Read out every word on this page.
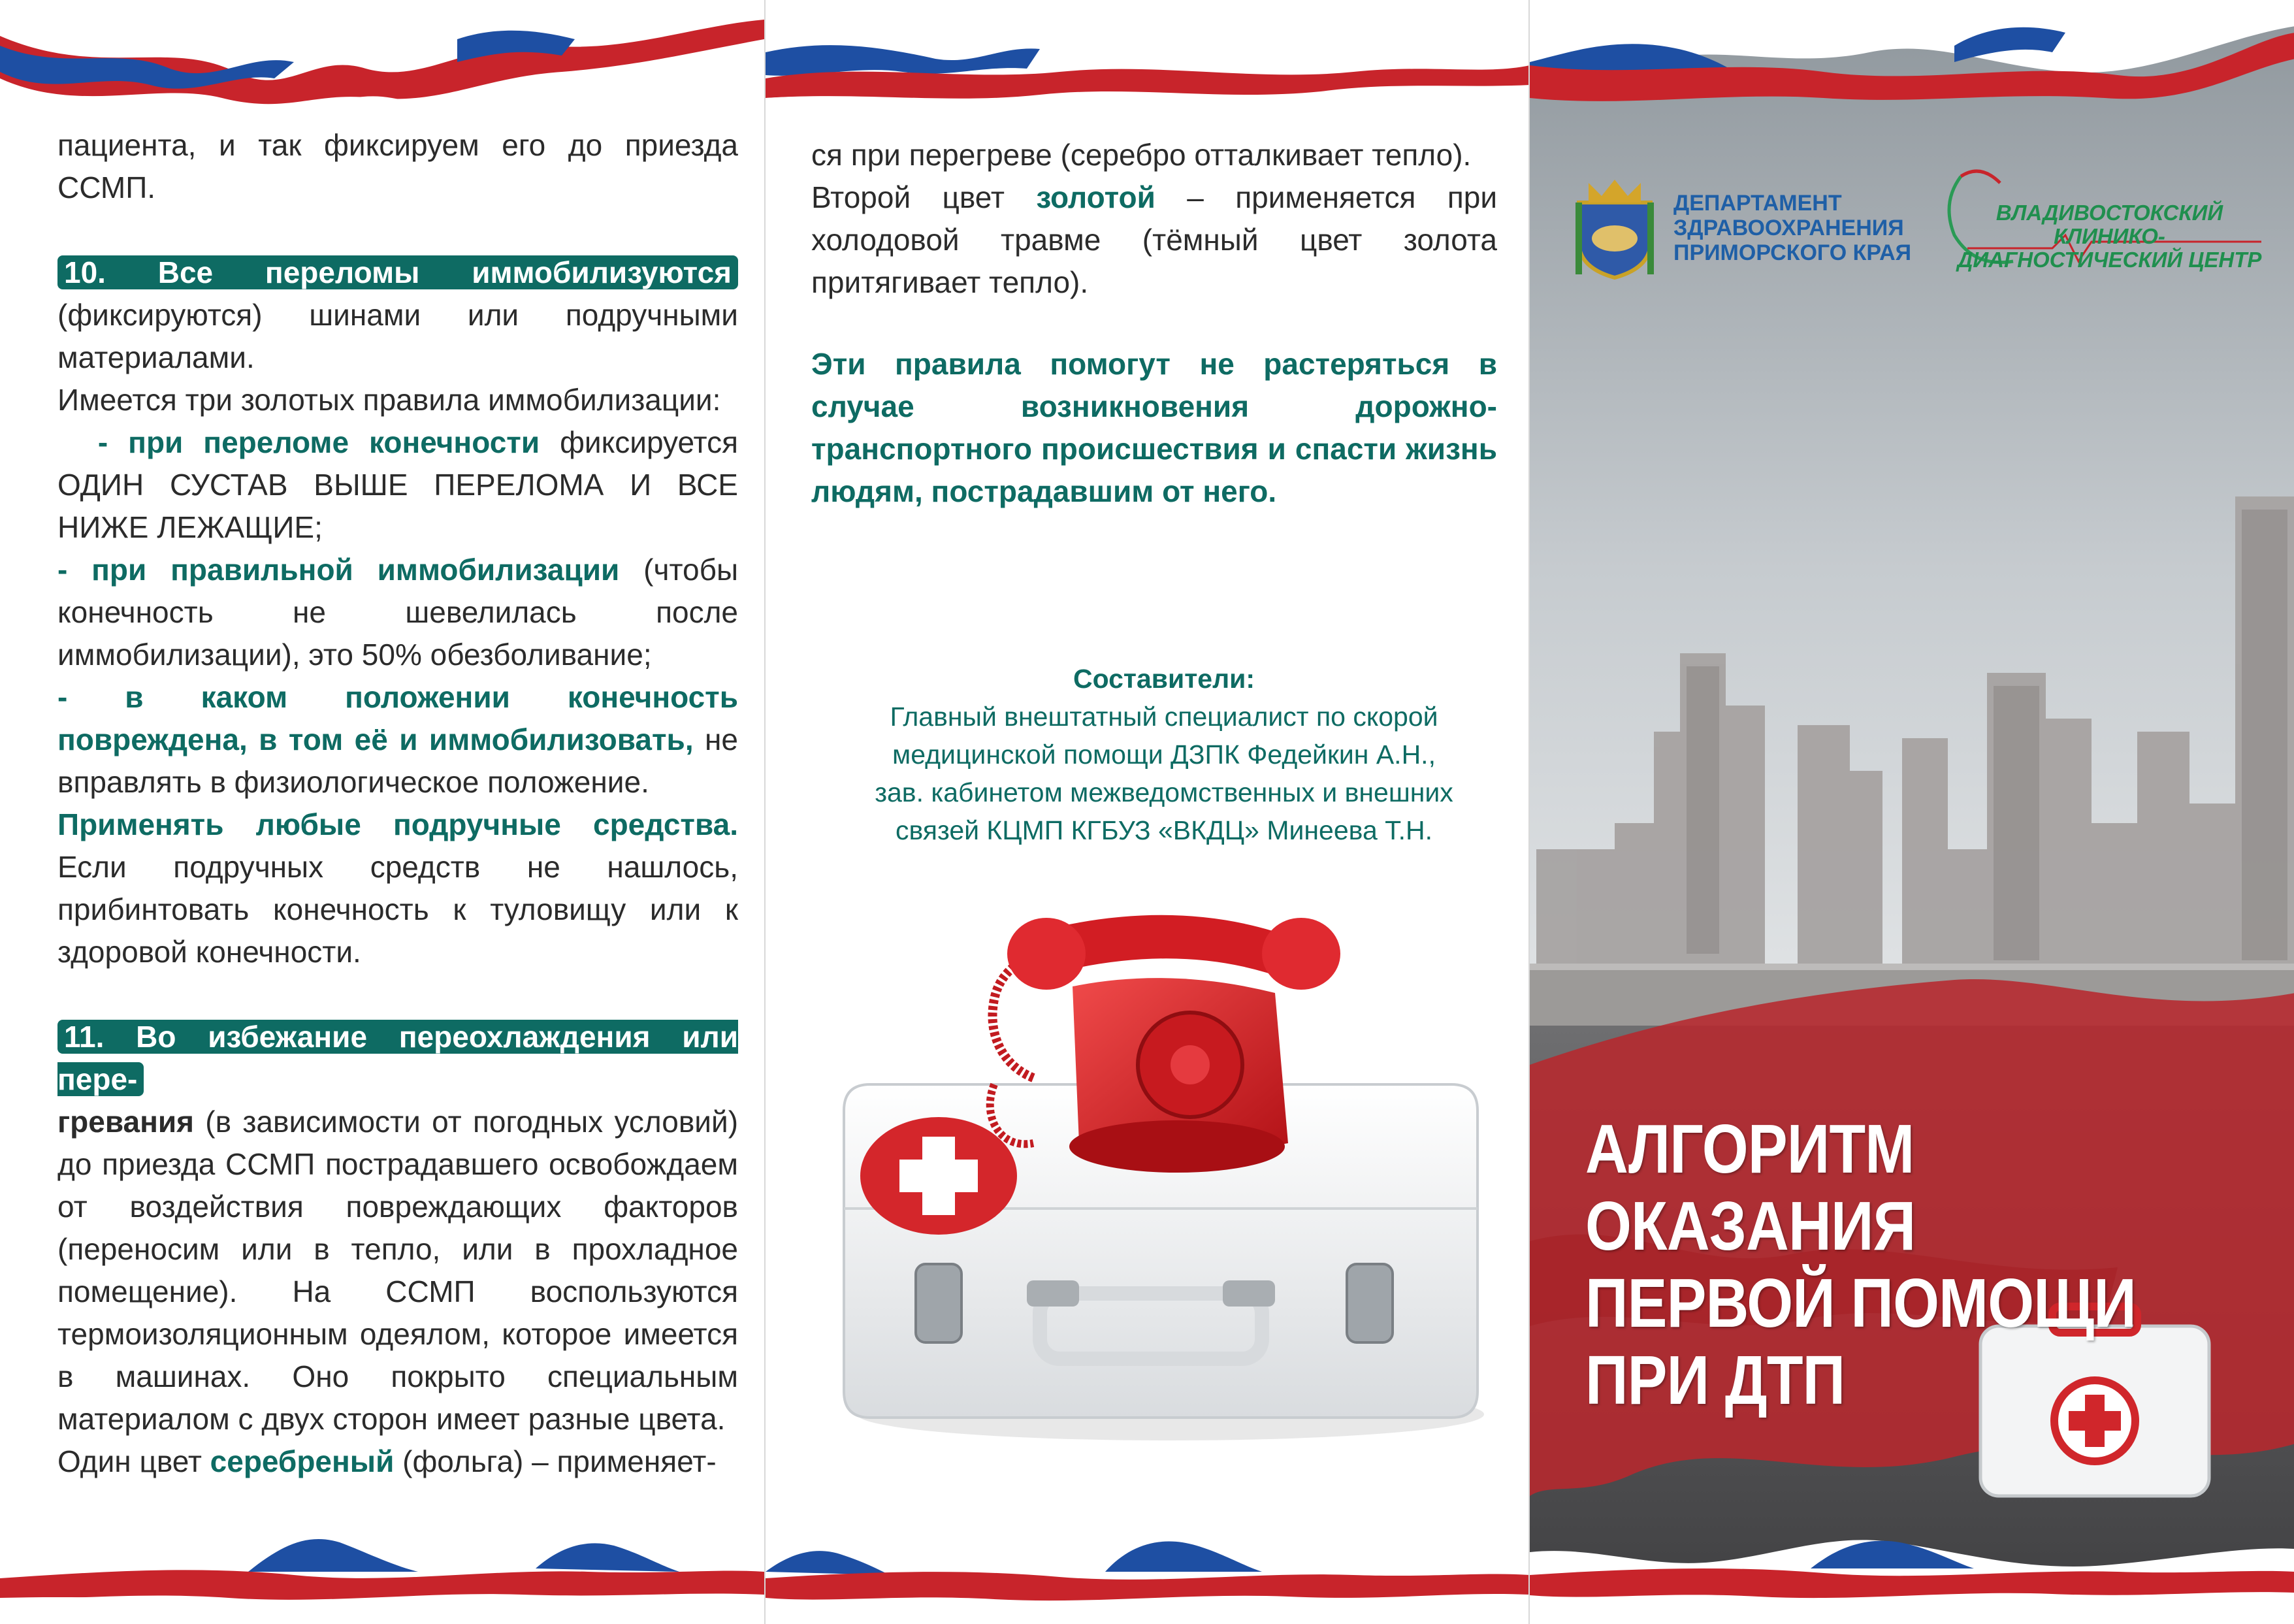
пациента, и так фиксируем его до приезда ССМП.

10. Все переломы иммобилизуются (фиксируются) шинами или подручными материалами.

Имеется три золотых правила иммобилизации:

- при переломе конечности фиксируется ОДИН СУСТАВ ВЫШЕ ПЕРЕЛОМА И ВСЕ НИЖЕ ЛЕЖАЩИЕ;

- при правильной иммобилизации (чтобы конечность не шевелилась после иммобилизации), это 50% обезболивание;

- в каком положении конечность повреждена, в том её и иммобилизовать, не вправлять в физиологическое положение.

Применять любые подручные средства. Если подручных средств не нашлось, прибинтовать конечность к туловищу или к здоровой конечности.

11. Во избежание переохлаждения или пере-

гревания (в зависимости от погодных условий) до приезда ССМП пострадавшего освобождаем от воздействия повреждающих факторов (переносим или в тепло, или в прохладное помещение). На ССМП воспользуются термоизоляционным одеялом, которое имеется в машинах. Оно покрыто специальным материалом с двух сторон имеет разные цвета.

Один цвет серебреный (фольга) – применяет-

ся при перегреве (серебро отталкивает тепло).

Второй цвет золотой – применяется при холодовой травме (тёмный цвет золота притягивает тепло).

Эти правила помогут не растеряться в случае возникновения дорожно-транспортного происшествия и спасти жизнь людям, пострадавшим от него.
Составители:
Главный внештатный специалист по скорой
медицинской помощи ДЗПК Федейкин А.Н.,
зав. кабинетом межведомственных и внешних
связей КЦМП КГБУЗ «ВКДЦ» Минеева Т.Н.
ДЕПАРТАМЕНТ
ЗДРАВООХРАНЕНИЯ
ПРИМОРСКОГО КРАЯ
ВЛАДИВОСТОКСКИЙ КЛИНИКО-
ДИАГНОСТИЧЕСКИЙ ЦЕНТР
АЛГОРИТМ ОКАЗАНИЯ
ПЕРВОЙ ПОМОЩИ
ПРИ ДТП
